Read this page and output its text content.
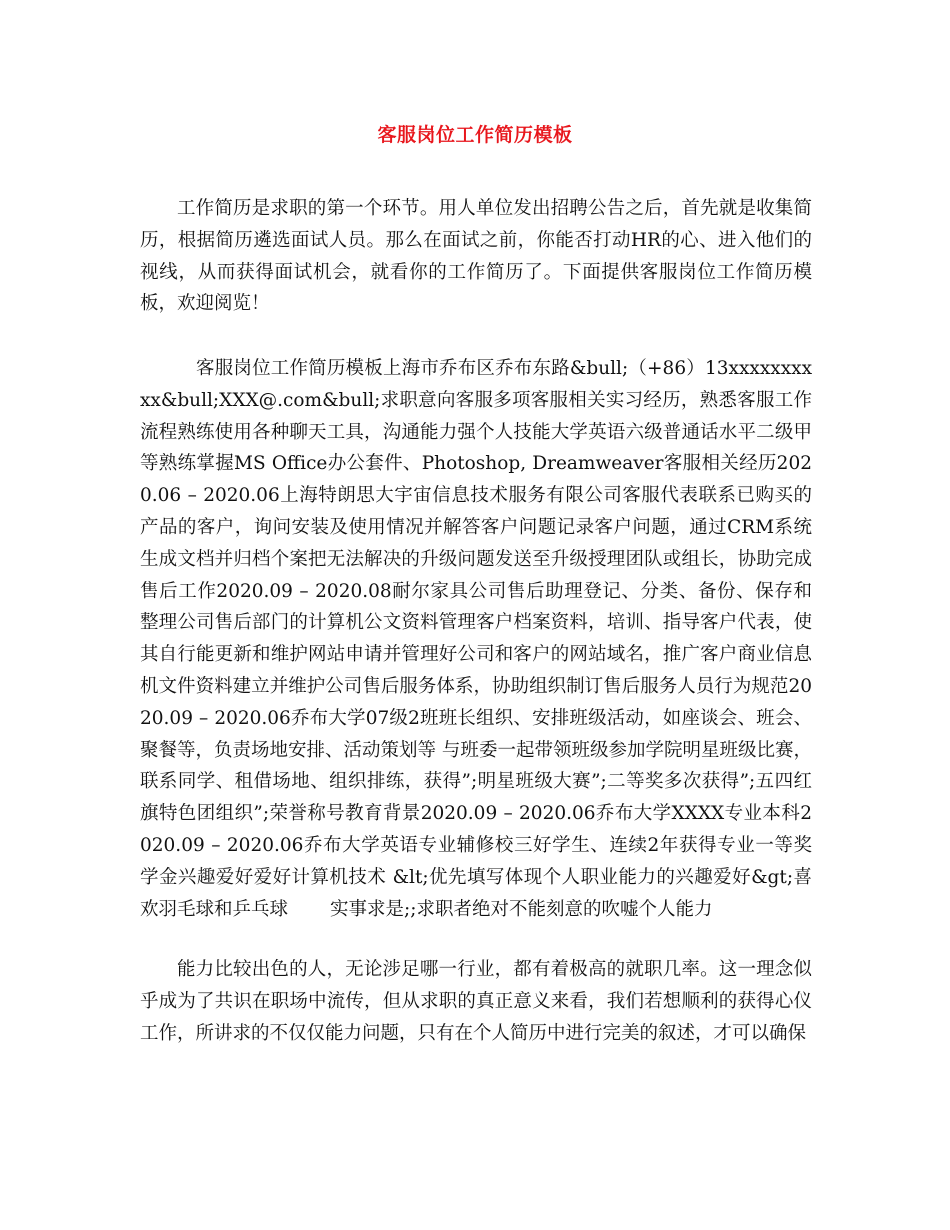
客服岗位工作简历模板

工作简历是求职的第一个环节。用人单位发出招聘公告之后，首先就是收集简历，根据简历遴选面试人员。那么在面试之前，你能否打动HR的心、进入他们的视线，从而获得面试机会，就看你的工作简历了。下面提供客服岗位工作简历模板，欢迎阅览！

客服岗位工作简历模板上海市乔布区乔布东路&bull;（+86）13xxxxxxxxxx&bull;XXX@.com&bull;求职意向客服多项客服相关实习经历，熟悉客服工作流程熟练使用各种聊天工具，沟通能力强个人技能大学英语六级普通话水平二级甲等熟练掌握MS Office办公套件、Photoshop, Dreamweaver客服相关经历2020.06 – 2020.06上海特朗思大宇宙信息技术服务有限公司客服代表联系已购买的产品的客户，询问安装及使用情况并解答客户问题记录客户问题，通过CRM系统生成文档并归档个案把无法解决的升级问题发送至升级授理团队或组长，协助完成售后工作2020.09 – 2020.08耐尔家具公司售后助理登记、分类、备份、保存和整理公司售后部门的计算机公文资料管理客户档案资料，培训、指导客户代表，使其自行能更新和维护网站申请并管理好公司和客户的网站域名，推广客户商业信息机文件资料建立并维护公司售后服务体系，协助组织制订售后服务人员行为规范2020.09 – 2020.06乔布大学07级2班班长组织、安排班级活动，如座谈会、班会、聚餐等，负责场地安排、活动策划等 与班委一起带领班级参加学院明星班级比赛，联系同学、租借场地、组织排练，获得”;明星班级大赛”;二等奖多次获得”;五四红旗特色团组织”;荣誉称号教育背景2020.09 – 2020.06乔布大学XXXX专业本科2020.09 – 2020.06乔布大学英语专业辅修校三好学生、连续2年获得专业一等奖学金兴趣爱好爱好计算机技术 &lt;优先填写体现个人职业能力的兴趣爱好&gt;喜欢羽毛球和乒乓球 实事求是;;求职者绝对不能刻意的吹嘘个人能力

能力比较出色的人，无论涉足哪一行业，都有着极高的就职几率。这一理念似乎成为了共识在职场中流传，但从求职的真正意义来看，我们若想顺利的获得心仪工作，所讲求的不仅仅能力问题，只有在个人简历中进行完美的叙述，才可以确保
